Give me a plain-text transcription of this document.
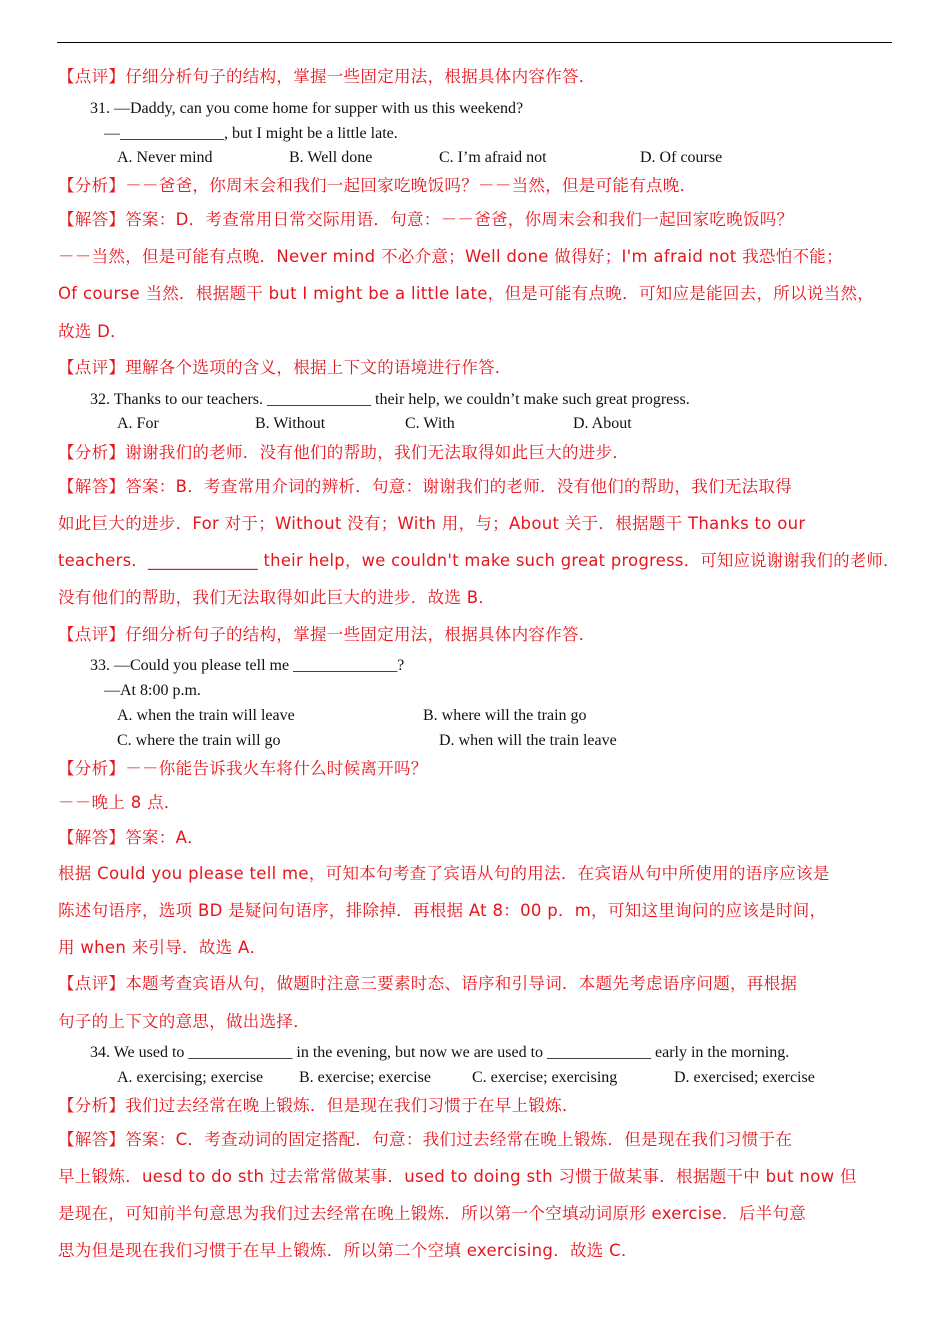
【点评】仔细分析句子的结构，掌握一些固定用法，根据具体内容作答．
31. —Daddy, can you come home for supper with us this weekend?
—_____________, but I might be a little late.
A. Never mind	B. Well done	C. I’m afraid not	D. Of course
【分析】－－爸爸，你周末会和我们一起回家吃晚饭吗？－－当然，但是可能有点晚．
【解答】答案：D．考查常用日常交际用语．句意：－－爸爸，你周末会和我们一起回家吃晚饭吗？
－－当然，但是可能有点晚．Never mind 不必介意；Well done 做得好；I'm afraid not 我恐怕不能；
Of course 当然．根据题干 but I might be a little late，但是可能有点晚．可知应是能回去，所以说当然，
故选 D．
【点评】理解各个选项的含义，根据上下文的语境进行作答．
32. Thanks to our teachers. _____________ their help, we couldn’t make such great progress.
A. For	B. Without	C. With	D. About
【分析】谢谢我们的老师．没有他们的帮助，我们无法取得如此巨大的进步．
【解答】答案：B．考查常用介词的辨析．句意：谢谢我们的老师．没有他们的帮助，我们无法取得
如此巨大的进步．For 对于；Without 没有；With 用，与；About 关于．根据题干 Thanks to our
teachers．_____________ their help，we couldn't make such great progress．可知应说谢谢我们的老师．
没有他们的帮助，我们无法取得如此巨大的进步．故选 B．
【点评】仔细分析句子的结构，掌握一些固定用法，根据具体内容作答．
33. —Could you please tell me _____________?
—At 8:00 p.m.
A. when the train will leave	B. where will the train go
C. where the train will go	D. when will the train leave
【分析】－－你能告诉我火车将什么时候离开吗？
－－晚上 8 点．
【解答】答案：A．
根据 Could you please tell me，可知本句考查了宾语从句的用法．在宾语从句中所使用的语序应该是
陈述句语序，选项 BD 是疑问句语序，排除掉．再根据 At 8：00 p．m，可知这里询问的应该是时间，
用 when 来引导．故选 A．
【点评】本题考查宾语从句，做题时注意三要素时态、语序和引导词．本题先考虑语序问题，再根据
句子的上下文的意思，做出选择．
34. We used to _____________ in the evening, but now we are used to _____________ early in the morning.
A. exercising; exercise B. exercise; exercise	C. exercise; exercising	D. exercised; exercise
【分析】我们过去经常在晚上锻炼．但是现在我们习惯于在早上锻炼．
【解答】答案：C．考查动词的固定搭配．句意：我们过去经常在晚上锻炼．但是现在我们习惯于在
早上锻炼．uesd to do sth 过去常常做某事．used to doing sth 习惯于做某事．根据题干中 but now 但
是现在，可知前半句意思为我们过去经常在晚上锻炼．所以第一个空填动词原形 exercise．后半句意
思为但是现在我们习惯于在早上锻炼．所以第二个空填 exercising．故选 C．
